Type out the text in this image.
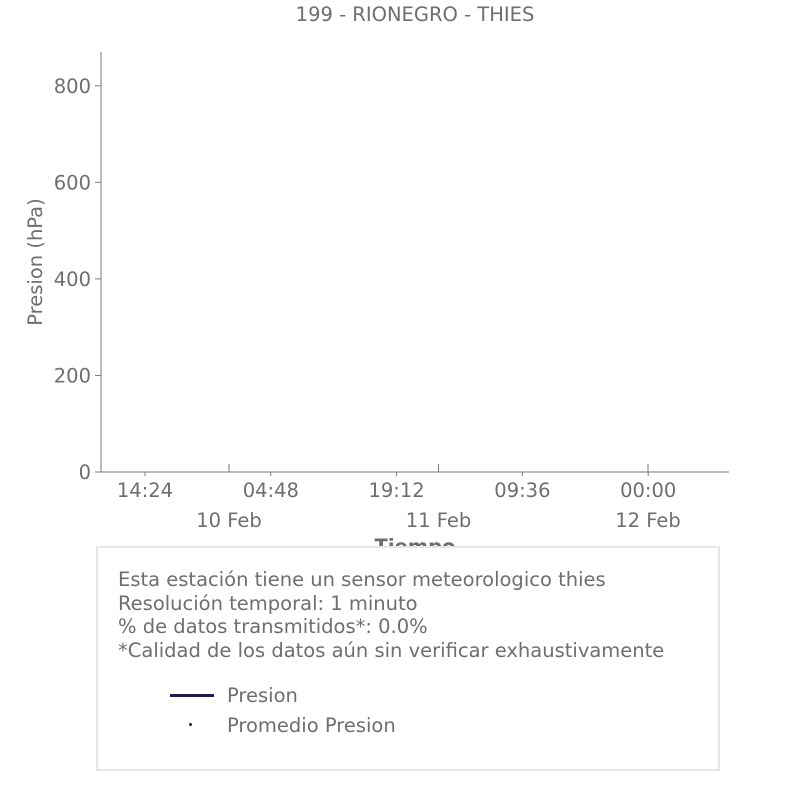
199 - RIONEGRO - THIES
0
200
400
600
800
14:24	04:48	19:12	09:36	00:00
10 Feb	11 Feb	12 Feb
Presion (hPa)
Esta estación tiene un sensor meteorologico thies
Resolución temporal: 1 minuto
% de datos transmitidos*: 0.0%
*Calidad de los datos aún sin verificar exhaustivamente
Presion
Promedio Presion
